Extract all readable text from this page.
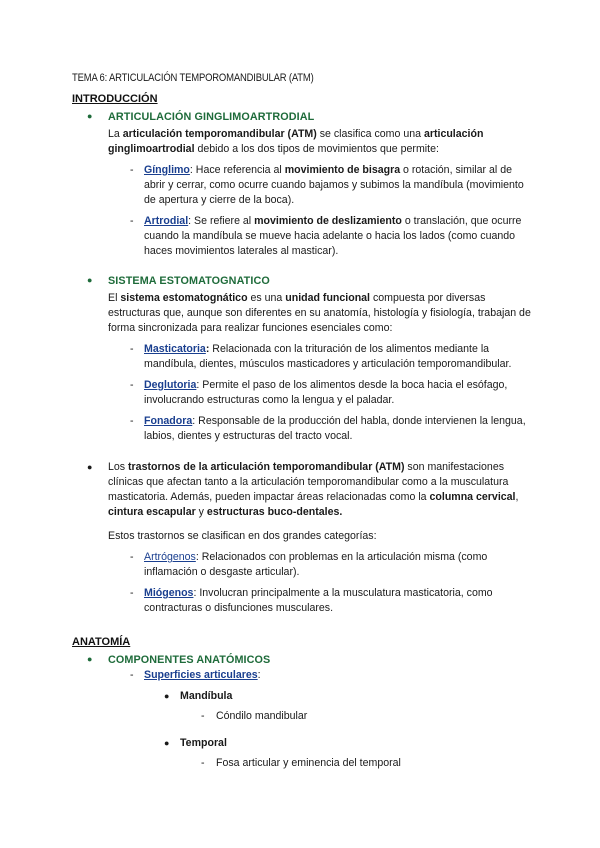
TEMA 6: ARTICULACIÓN TEMPOROMANDIBULAR (ATM)
INTRODUCCIÓN
● ARTICULACIÓN GINGLIMOARTRODIAL
La articulación temporomandibular (ATM) se clasifica como una articulación ginglimoartrodial debido a los dos tipos de movimientos que permite:
- Gínglimo: Hace referencia al movimiento de bisagra o rotación, similar al de abrir y cerrar, como ocurre cuando bajamos y subimos la mandíbula (movimiento de apertura y cierre de la boca).
- Artrodial: Se refiere al movimiento de deslizamiento o translación, que ocurre cuando la mandíbula se mueve hacia adelante o hacia los lados (como cuando haces movimientos laterales al masticar).
● SISTEMA ESTOMATOGNATICO
El sistema estomatognático es una unidad funcional compuesta por diversas estructuras que, aunque son diferentes en su anatomía, histología y fisiología, trabajan de forma sincronizada para realizar funciones esenciales como:
- Masticatoria: Relacionada con la trituración de los alimentos mediante la mandíbula, dientes, músculos masticadores y articulación temporomandibular.
- Deglutoria: Permite el paso de los alimentos desde la boca hacia el esófago, involucrando estructuras como la lengua y el paladar.
- Fonadora: Responsable de la producción del habla, donde intervienen la lengua, labios, dientes y estructuras del tracto vocal.
● Los trastornos de la articulación temporomandibular (ATM) son manifestaciones clínicas que afectan tanto a la articulación temporomandibular como a la musculatura masticatoria. Además, pueden impactar áreas relacionadas como la columna cervical, cintura escapular y estructuras buco-dentales.
Estos trastornos se clasifican en dos grandes categorías:
- Artrógenos: Relacionados con problemas en la articulación misma (como inflamación o desgaste articular).
- Miógenos: Involucran principalmente a la musculatura masticatoria, como contracturas o disfunciones musculares.
ANATOMÍA
● COMPONENTES ANATÓMICOS
- Superficies articulares:
● Mandíbula
- Cóndilo mandibular
● Temporal
- Fosa articular y eminencia del temporal
